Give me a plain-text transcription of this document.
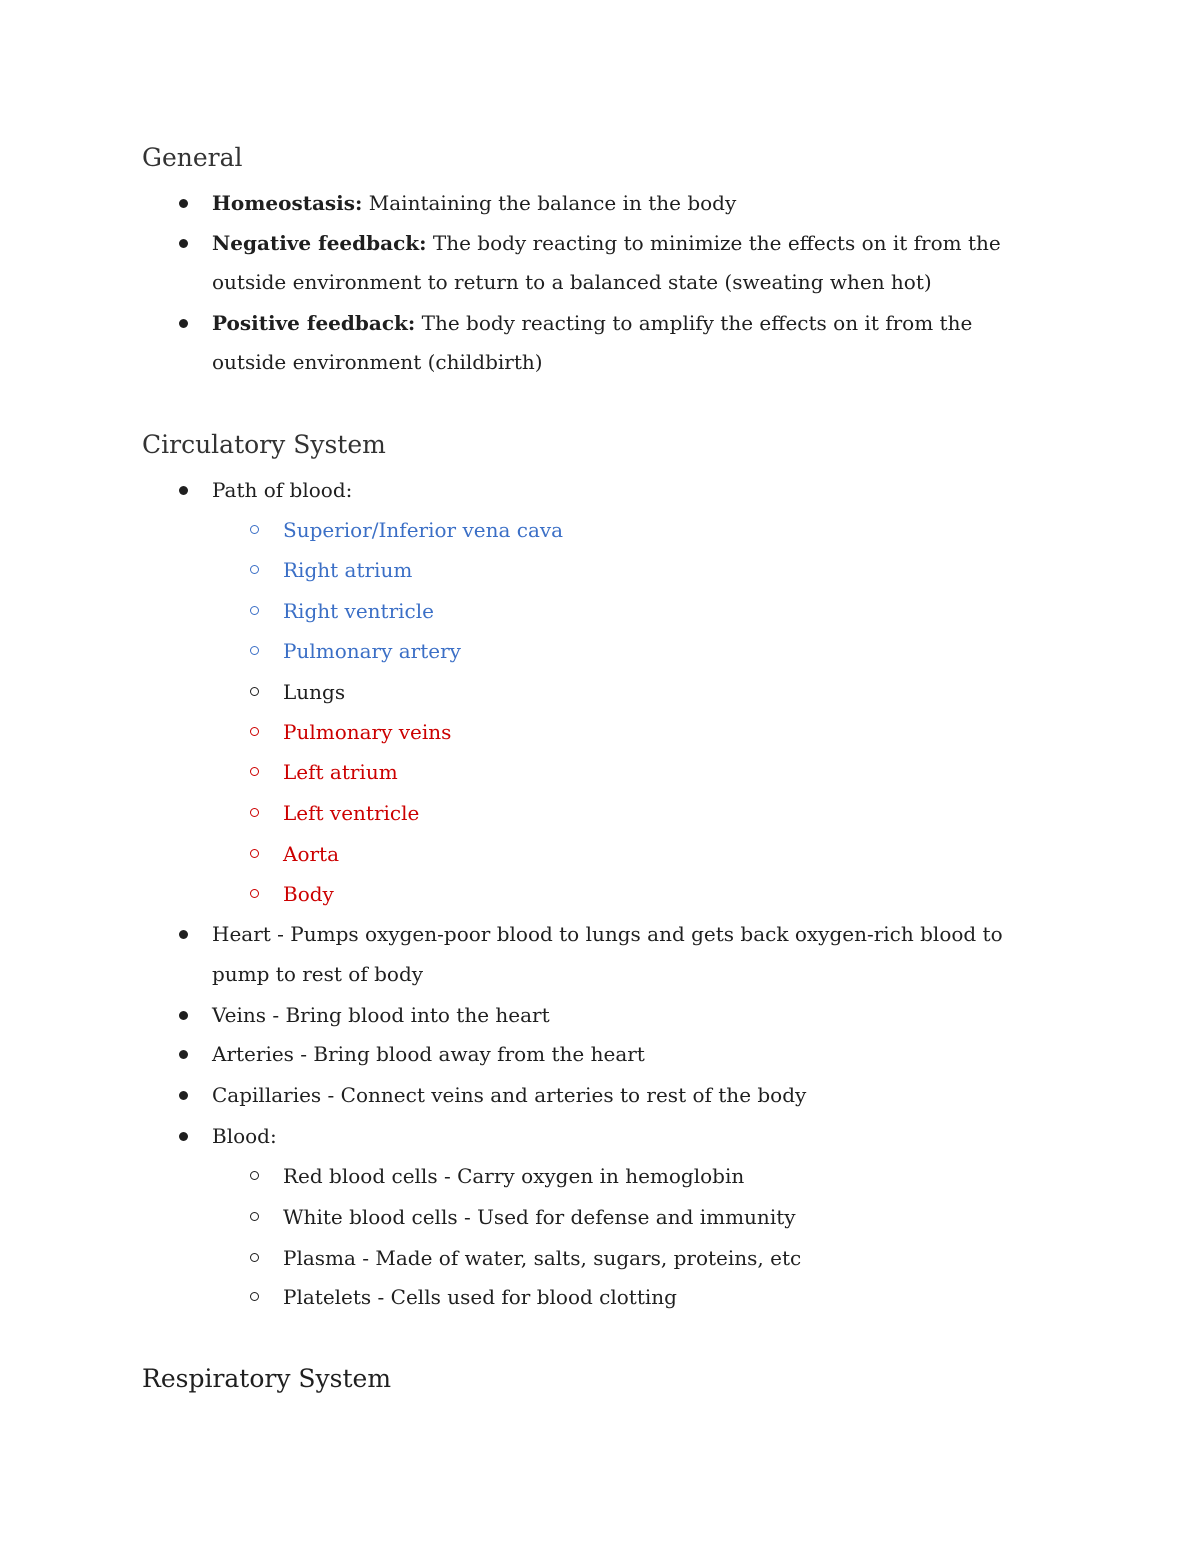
General
Homeostasis: Maintaining the balance in the body
Negative feedback: The body reacting to minimize the effects on it from the
outside environment to return to a balanced state (sweating when hot)
Positive feedback: The body reacting to amplify the effects on it from the
outside environment (childbirth)
Circulatory System
Path of blood:
Superior/Inferior vena cava
Right atrium
Right ventricle
Pulmonary artery
Lungs
Pulmonary veins
Left atrium
Left ventricle
Aorta
Body
Heart - Pumps oxygen-poor blood to lungs and gets back oxygen-rich blood to
pump to rest of body
Veins - Bring blood into the heart
Arteries - Bring blood away from the heart
Capillaries - Connect veins and arteries to rest of the body
Blood:
Red blood cells - Carry oxygen in hemoglobin
White blood cells - Used for defense and immunity
Plasma - Made of water, salts, sugars, proteins, etc
Platelets - Cells used for blood clotting
Respiratory System
